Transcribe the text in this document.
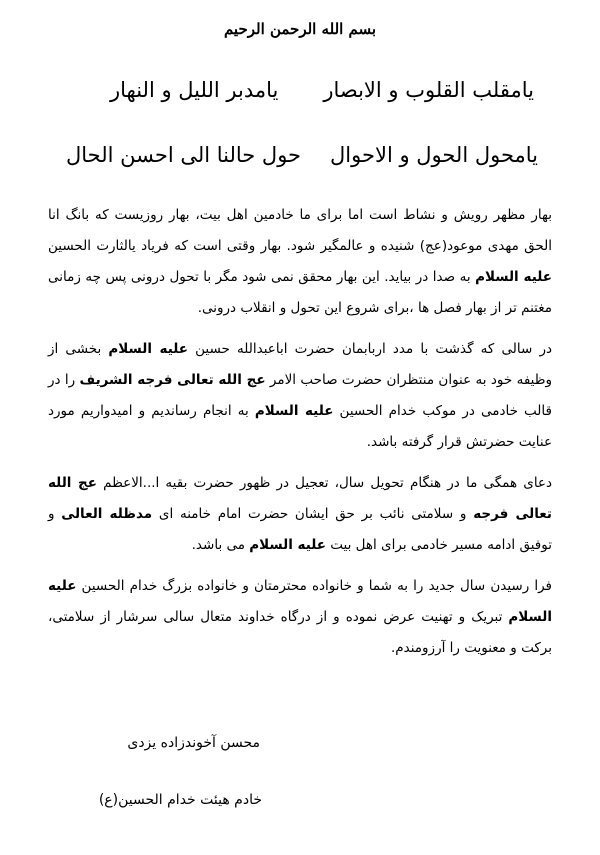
بسم الله الرحمن الرحیم
یامقلب القلوب و الابصار
یامدبر اللیل و النهار
یامحول الحول و الاحوال
حول حالنا الی احسن الحال

بهار مظهر رویش و نشاط است اما برای ما خادمین اهل بیت، بهار روزیست که بانگ انا الحق مهدی موعود(عج) شنیده و عالمگیر شود. بهار وقتی است که فریاد یالثارت الحسین علیه السلام به صدا در بیاید. این بهار محقق نمی شود مگر با تحول درونی پس چه زمانی مغتنم تر از بهار فصل ها ،برای شروع این تحول و انقلاب درونی.

در سالی که گذشت با مدد اربابمان حضرت اباعبدالله حسین علیه السلام بخشی از وظیفه خود به عنوان منتظران حضرت صاحب الامر عج الله تعالی فرجه الشریف را در قالب خادمی در موکب خدام الحسین علیه السلام به انجام رساندیم و امیدواریم مورد عنایت حضرتش قرار گرفته باشد.

دعای همگی ما در هنگام تحویل سال، تعجیل در ظهور حضرت بقیه ا...الاعظم عج الله تعالی فرجه و سلامتی نائب بر حق ایشان حضرت امام خامنه ای مدظله العالی و توفیق ادامه مسیر خادمی برای اهل بیت علیه السلام می باشد.

فرا رسیدن سال جدید را به شما و خانواده محترمتان و خانواده بزرگ خدام الحسین علیه السلام تبریک و تهنیت عرض نموده و از درگاه خداوند متعال سالی سرشار از سلامتی، برکت و معنویت را آرزومندم.

محسن آخوندزاده یزدی
خادم هیئت خدام الحسین(ع)
